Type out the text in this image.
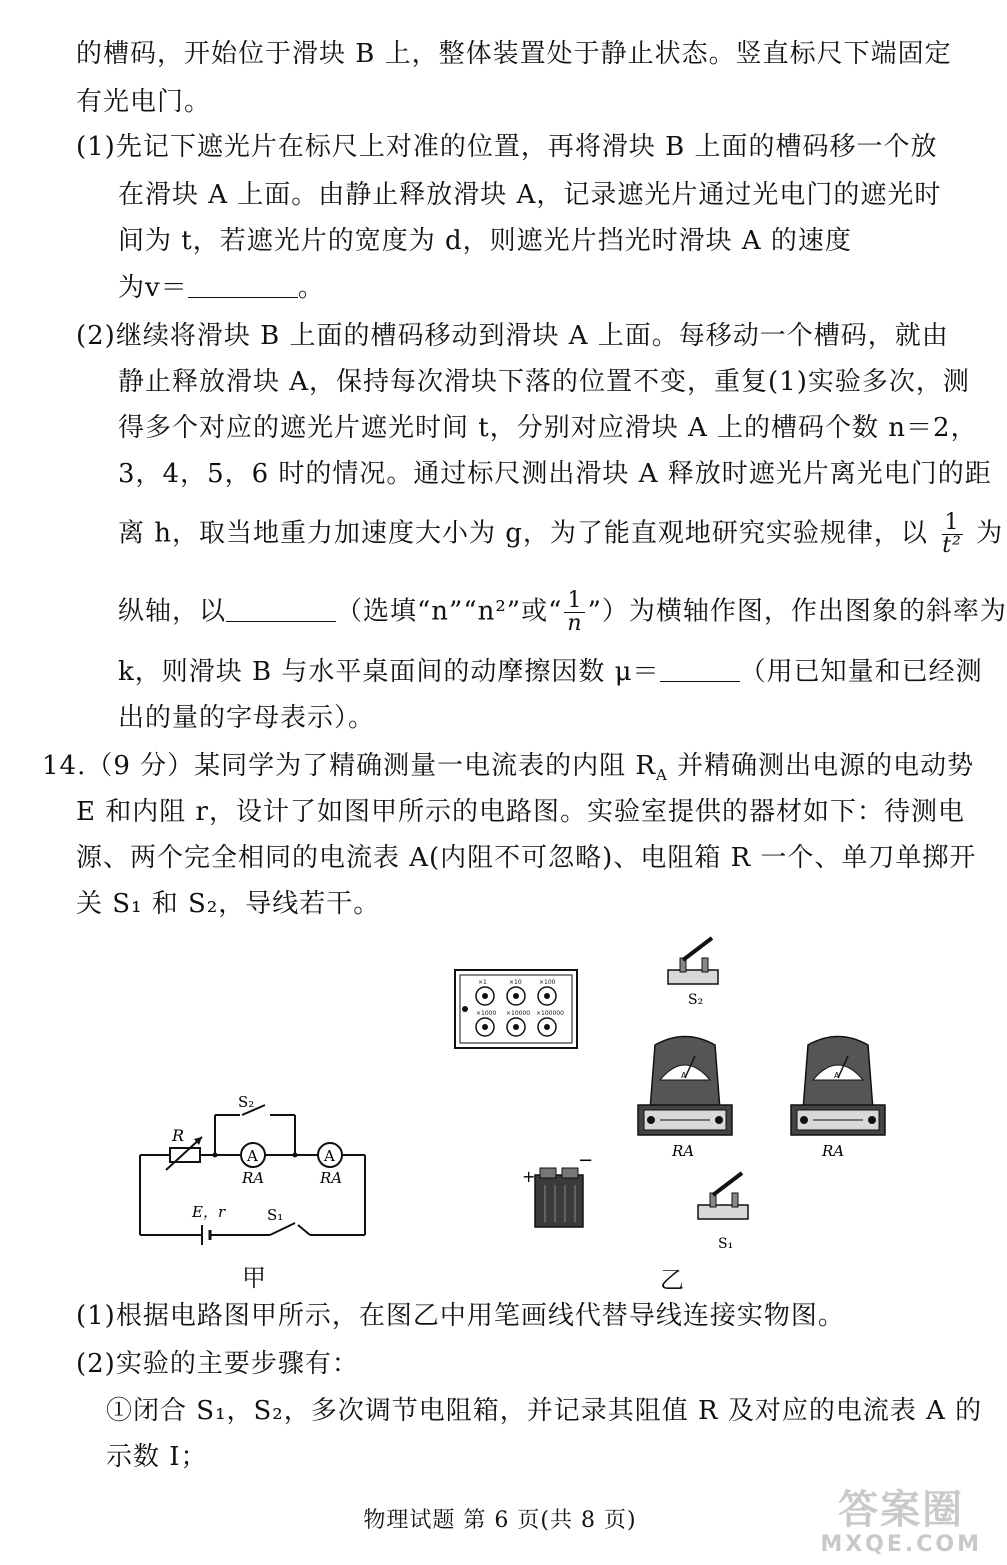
的槽码，开始位于滑块 B 上，整体装置处于静止状态。竖直标尺下端固定
有光电门。
(1)先记下遮光片在标尺上对准的位置，再将滑块 B 上面的槽码移一个放
在滑块 A 上面。由静止释放滑块 A，记录遮光片通过光电门的遮光时
间为 t，若遮光片的宽度为 d，则遮光片挡光时滑块 A 的速度
为v＝	。
(2)继续将滑块 B 上面的槽码移动到滑块 A 上面。每移动一个槽码，就由
静止释放滑块 A，保持每次滑块下落的位置不变，重复(1)实验多次，测
得多个对应的遮光片遮光时间 t，分别对应滑块 A 上的槽码个数 n＝2，
3，4，5，6 时的情况。通过标尺测出滑块 A 释放时遮光片离光电门的距
离 h，取当地重力加速度大小为 g，为了能直观地研究实验规律，以 $\frac{1}{\text{t²}}$ 为
纵轴，以	（选填“n”“n²”或“ $\frac{1}{n}$ ”）为横轴作图，作出图象的斜率为
k，则滑块 B 与水平桌面间的动摩擦因数 μ＝	（用已知量和已经测
出的量的字母表示）。
14.（9 分）某同学为了精确测量一电流表的内阻 $R_A$ 并精确测出电源的电动势
E 和内阻 r，设计了如图甲所示的电路图。实验室提供的器材如下：待测电
源、两个完全相同的电流表 A(内阻不可忽略)、电阻箱 R 一个、单刀单掷开
关 S₁ 和 S₂，导线若干。
R
S₂
A	A
RA	RA
E，r	S₁
甲
×1	×10	×100
×1000 ×10000 ×100000
S₂
A
RA
A
RA
+
−
S₁
乙
(1)根据电路图甲所示，在图乙中用笔画线代替导线连接实物图。
(2)实验的主要步骤有：
①闭合 S₁，S₂，多次调节电阻箱，并记录其阻值 R 及对应的电流表 A 的
示数 I；
物理试题 第 6 页(共 8 页)	答案圈
MXQE.COM
